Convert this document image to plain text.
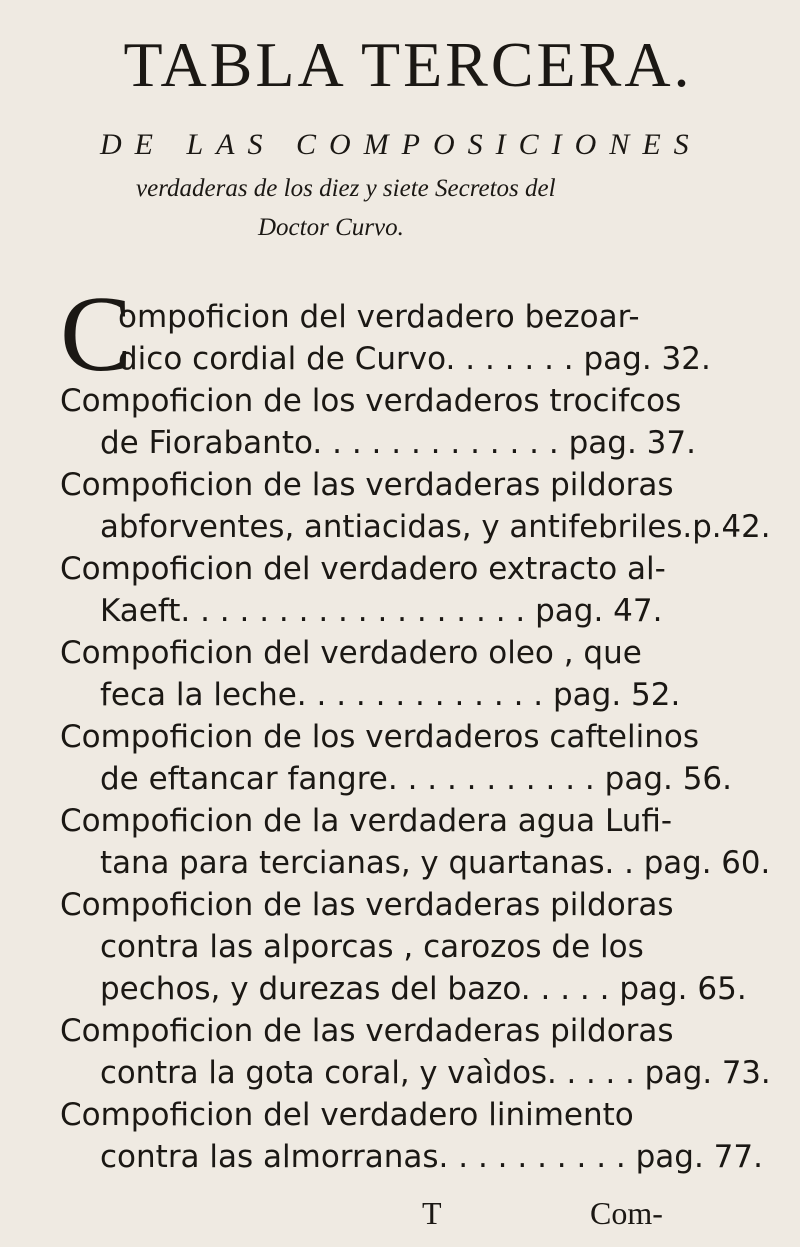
TABLA TERCERA.
DE LAS COMPOSICIONES
verdaderas de los diez y siete Secretos del
Doctor Curvo.
C
ompoficion del verdadero bezoar-
dico cordial de Curvo. . . . . . . pag. 32.
Compoficion de los verdaderos trocifcos
de Fiorabanto. . . . . . . . . . . . . pag. 37.
Compoficion de las verdaderas pildoras
abforventes, antiacidas, y antifebriles.p.42.
Compoficion del verdadero extracto al-
Kaeft. . . . . . . . . . . . . . . . . . pag. 47.
Compoficion del verdadero oleo , que
feca la leche. . . . . . . . . . . . . pag. 52.
Compoficion de los verdaderos caftelinos
de eftancar fangre. . . . . . . . . . . pag. 56.
Compoficion de la verdadera agua Lufi-
tana para tercianas, y quartanas. . pag. 60.
Compoficion de las verdaderas pildoras
contra las alporcas , carozos de los
pechos, y durezas del bazo. . . . . pag. 65.
Compoficion de las verdaderas pildoras
contra la gota coral, y vaìdos. . . . . pag. 73.
Compoficion del verdadero linimento
contra las almorranas. . . . . . . . . . pag. 77.
T	Com-
